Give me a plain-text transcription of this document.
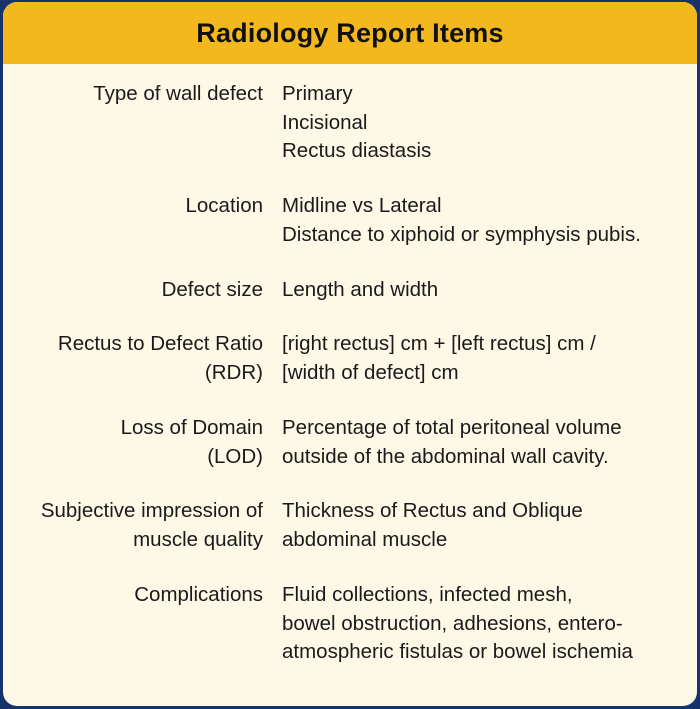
Radiology Report Items
Type of wall defect Primary
Incisional
Rectus diastasis
Location Midline vs Lateral
Distance to xiphoid or symphysis pubis.
Defect size Length and width
Rectus to Defect Ratio
(RDR)
[right rectus] cm + [left rectus] cm /
[width of defect] cm
Loss of Domain
(LOD)
Percentage of total peritoneal volume
outside of the abdominal wall cavity.
Subjective impression of
muscle quality
Thickness of Rectus and Oblique
abdominal muscle
Complications Fluid collections, infected mesh,
bowel obstruction, adhesions, entero-
atmospheric fistulas or bowel ischemia
